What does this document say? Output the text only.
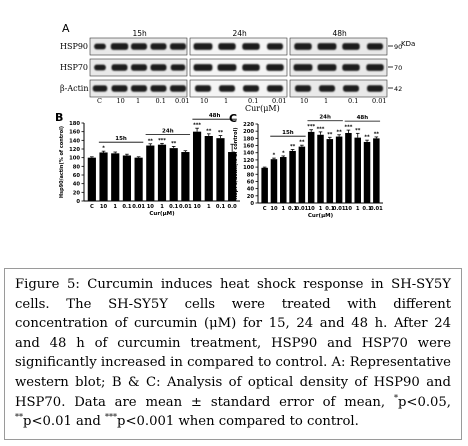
A	15h	24h	48h
KDa
HSP90	90
HSP70	70
β-Actin	42
C 10 1 0.1 0.01 10 1	0.1 0.01 10 1	0.1 0.01
Cur(μM)
B
0
20
40
60
80
100
120
140
160
180
Hsp90/actin(% of control)
C
*
10 1 0.1 0.01
**
10
***
1
**
0.1 0.01
***
10
**
1
**
0.1 0.0
15h
24h
48h
Cur(μM)
C
0
20
40
60
80
100
120
140
160
180
200
220
Hsp70/actin(% of control)
C
*
10
*
1
**
0.1
**
0.01
***
10
***
1
**
0.1
**
0.01
***
10
**
1
**
0.1
**
0.01
15h
24h	48h
Cur(μM)

Figure 5: Curcumin induces heat shock response in SH-SY5Y cells. The SH-SY5Y cells were treated with different concentration of curcumin (μM) for 15, 24 and 48 h. After 24 and 48 h of curcumin treatment, HSP90 and HSP70 were significantly increased in compared to control. A: Representative western blot; B & C: Analysis of optical density of HSP90 and HSP70. Data are mean ± standard error of mean, *p<0.05, **p<0.01 and ***p<0.001 when compared to control.
